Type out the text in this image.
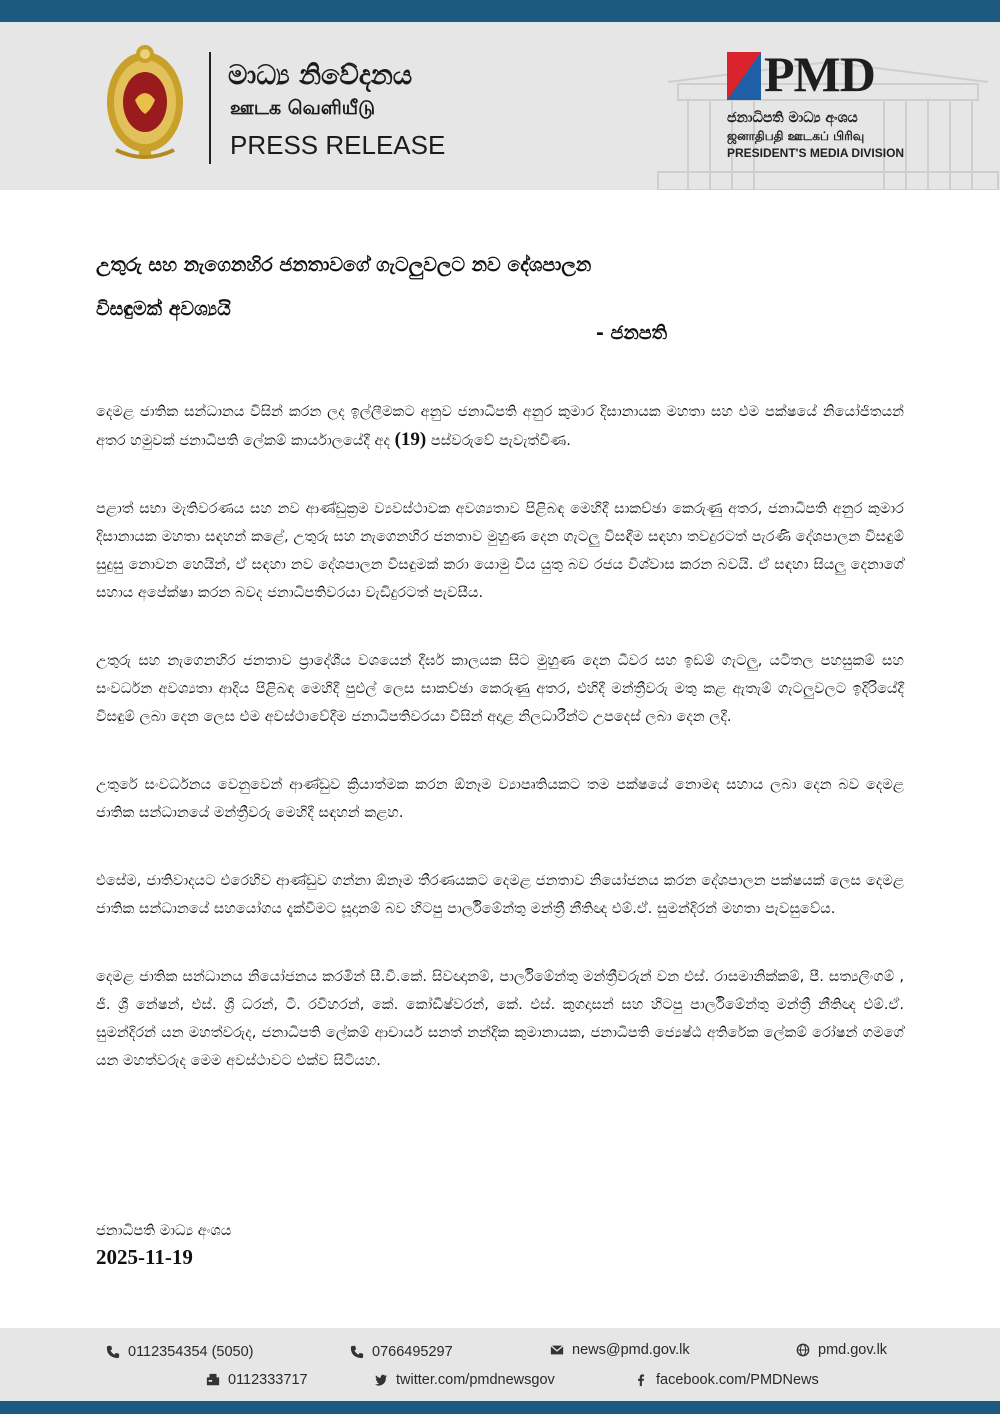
මාධ්‍ය නිවේදනය
ஊடக வெளியீடு
PRESS RELEASE
PMD
ජනාධිපති මාධ්‍ය අංශය
ஜனாதிபதி ஊடகப் பிரிவு
PRESIDENT'S MEDIA DIVISION

උතුරු සහ නැගෙනහිර ජනතාවගේ ගැටලුවලට නව දේශපාලන

විසඳුමක් අවශ්‍යයි

- ජනපති

දෙමළ ජාතික සන්ධානය විසින් කරන ලද ඉල්ලීමකට අනුව ජනාධිපති අනුර කුමාර දිසානායක මහතා සහ එම පක්ෂයේ නියෝජිතයන් අතර හමුවක් ජනාධිපති ලේකම් කාර්යාලයේදී අද (19) පස්වරුවේ පැවැත්විණ.

පළාත් සභා මැතිවරණය සහ නව ආණ්ඩුක්‍රම ව්‍යවස්ථාවක අවශ්‍යතාව පිළිබඳ මෙහිදී සාකච්ඡා කෙරුණු අතර, ජනාධිපති අනුර කුමාර දිසානායක මහතා සඳහන් කළේ, උතුරු සහ නැගෙනහිර ජනතාව මුහුණ දෙන ගැටලු විසඳීම සඳහා තවදුරටත් පැරණි දේශපාලන විසඳුම් සුදුසු නොවන හෙයින්, ඒ සඳහා නව දේශපාලන විසඳුමක් කරා යොමු විය යුතු බව රජය විශ්වාස කරන බවයි. ඒ සඳහා සියලු දෙනාගේ සහාය අපේක්ෂා කරන බවද ජනාධිපතිවරයා වැඩිදුරටත් පැවසීය.

උතුරු සහ නැගෙනහිර ජනතාව ප්‍රාදේශීය වශයෙන් දීර්ඝ කාලයක සිට මුහුණ දෙන ධීවර සහ ඉඩම් ගැටලු, යටිතල පහසුකම් සහ සංවර්ධන අවශ්‍යතා ආදිය පිළිබඳ මෙහිදී පුළුල් ලෙස සාකච්ඡා කෙරුණු අතර, එහිදී මන්ත්‍රීවරු මතු කළ ඇතැම් ගැටලුවලට ඉදිරියේදී විසඳුම් ලබා දෙන ලෙස එම අවස්ථාවේදීම ජනාධිපතිවරයා විසින් අදාළ නිලධාරීන්ට උපදෙස් ලබා දෙන ලදී.

උතුරේ සංවර්ධනය වෙනුවෙන් ආණ්ඩුව ක්‍රියාත්මක කරන ඕනෑම ව්‍යාපෘතියකට තම පක්ෂයේ නොමඳ සහාය ලබා දෙන බව දෙමළ ජාතික සන්ධානයේ මන්ත්‍රීවරු මෙහිදී සඳහන් කළහ.

එසේම, ජාතිවාදයට එරෙහිව ආණ්ඩුව ගන්නා ඕනෑම තීරණයකට දෙමළ ජනතාව නියෝජනය කරන දේශපාලන පක්ෂයක් ලෙස දෙමළ ජාතික සන්ධානයේ සහයෝගය දැක්වීමට සූදානම් බව හිටපු පාර්ලිමේන්තු මන්ත්‍රී නීතිඥ එම්.ඒ. සුමන්දිරන් මහතා පැවසුවේය.

දෙමළ ජාතික සන්ධානය නියෝජනය කරමින් සී.වී.කේ. සිවඥානම්, පාර්ලිමේන්තු මන්ත්‍රීවරුන් වන එස්. රාසමානික්කම්, පී. සත්‍යලිංගම් , ජී. ශ්‍රී නේෂන්, එස්. ශ්‍රී ධරන්, ටී. රවිහරන්, කේ. කෝඩීෂ්වරන්, කේ. එස්. කුගදාසන් සහ හිටපු පාර්ලිමේන්තු මන්ත්‍රී නීතිඥ එම්.ඒ. සුමන්දිරන් යන මහත්වරුද, ජනාධිපති ලේකම් ආචාර්ය සනත් නන්දික කුමානායක, ජනාධිපති ජ්‍යෙෂ්ඨ අතිරේක ලේකම් රෝෂන් ගමගේ යන මහත්වරුද මෙම අවස්ථාවට එක්ව සිටියහ.

ජනාධිපති මාධ්‍ය අංශය
2025-11-19
0112354354 (5050)	0766495297	news@pmd.gov.lk	pmd.gov.lk
0112333717	twitter.com/pmdnewsgov	facebook.com/PMDNews
